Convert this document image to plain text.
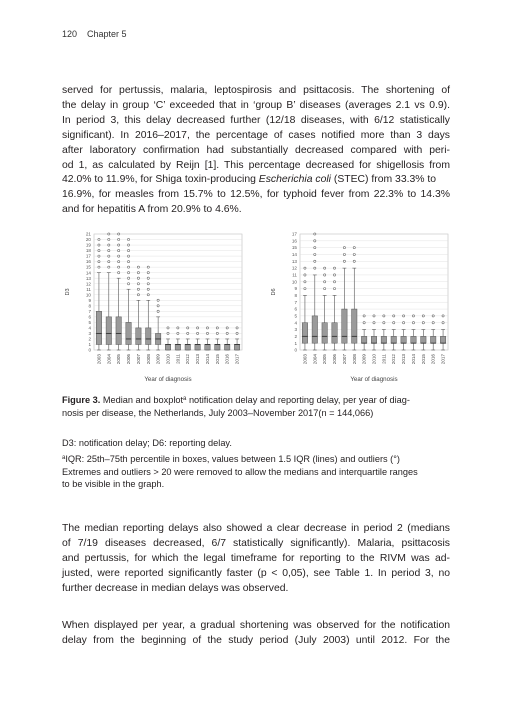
120 Chapter 5
served for pertussis, malaria, leptospirosis and psittacosis. The shortening of
the delay in group ‘C’ exceeded that in ‘group B’ diseases (averages 2.1 vs 0.9).
In period 3, this delay decreased further (12/18 diseases, with 6/12 statistically
significant). In 2016–2017, the percentage of cases notified more than 3 days
after laboratory confirmation had substantially decreased compared with peri-
od 1, as calculated by Reijn [1]. This percentage decreased for shigellosis from
42.0% to 11.9%, for Shiga toxin-producing Escherichia coli (STEC) from 33.3% to
16.9%, for measles from 15.7% to 12.5%, for typhoid fever from 22.3% to 14.3%
and for hepatitis A from 20.9% to 4.6%.
0
1
2
3
4
5
6
7
8
9
10
11
12
13
14
15
16
17
18
19
20
21
D3
2003 2004 2005 2006 2007 2008 2009 2010 2011 2012 2013 2014 2015 2016 2017
Year of diagnosis
0
1
2
3
4
5
6
7
8
9
10
11
12
13
14
15
16
17
D6
2003 2004 2005 2006 2007 2008 2009 2010 2011 2012 2013 2014 2015 2016 2017
Year of diagnosis
Figure 3. Median and boxplot$^a$ notification delay and reporting delay, per year of diag-
nosis per disease, the Netherlands, July 2003–November 2017(n = 144,066)
D3: notification delay; D6: reporting delay.
$^a$IQR: 25th–75th percentile in boxes, values between 1.5 IQR (lines) and outliers (°)
Extremes and outliers > 20 were removed to allow the medians and interquartile ranges
to be visible in the graph.
The median reporting delays also showed a clear decrease in period 2 (medians
of 7/19 diseases decreased, 6/7 statistically significantly). Malaria, psittacosis
and pertussis, for which the legal timeframe for reporting to the RIVM was ad-
justed, were reported significantly faster (p < 0,05), see Table 1. In period 3, no
further decrease in median delays was observed.
When displayed per year, a gradual shortening was observed for the notification
delay from the beginning of the study period (July 2003) until 2012. For the
